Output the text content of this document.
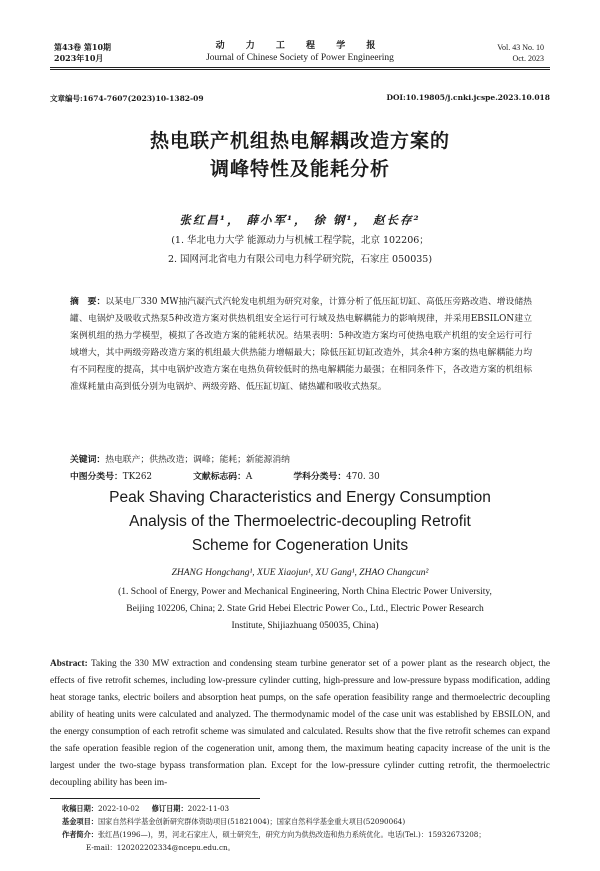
第43卷 第10期
2023年10月
动 力 工 程 学 报
Journal of Chinese Society of Power Engineering
Vol. 43 No. 10
Oct. 2023
文章编号:1674-7607(2023)10-1382-09	DOI:10.19805/j.cnki.jcspe.2023.10.018
热电联产机组热电解耦改造方案的
调峰特性及能耗分析
张红昌¹， 薛小军¹， 徐 钢¹， 赵长存²
(1. 华北电力大学 能源动力与机械工程学院，北京 102206；
2. 国网河北省电力有限公司电力科学研究院，石家庄 050035)
摘　要：以某电厂330 MW抽汽凝汽式汽轮发电机组为研究对象，计算分析了低压缸切缸、高低压旁路改造、增设储热罐、电锅炉及吸收式热泵5种改造方案对供热机组安全运行可行域及热电解耦能力的影响规律，并采用EBSILON建立案例机组的热力学模型，模拟了各改造方案的能耗状况。结果表明：5种改造方案均可使热电联产机组的安全运行可行域增大，其中两级旁路改造方案的机组最大供热能力增幅最大；除低压缸切缸改造外，其余4种方案的热电解耦能力均有不同程度的提高，其中电锅炉改造方案在电热负荷较低时的热电解耦能力最强；在相同条件下，各改造方案的机组标准煤耗量由高到低分别为电锅炉、两级旁路、低压缸切缸、储热罐和吸收式热泵。
关键词：热电联产；供热改造；调峰；能耗；新能源消纳
中图分类号：TK262	文献标志码：A	学科分类号：470. 30
Peak Shaving Characteristics and Energy Consumption
Analysis of the Thermoelectric-decoupling Retrofit
Scheme for Cogeneration Units
ZHANG Hongchang¹, XUE Xiaojun¹, XU Gang¹, ZHAO Changcun²
(1. School of Energy, Power and Mechanical Engineering, North China Electric Power University,
Beijing 102206, China; 2. State Grid Hebei Electric Power Co., Ltd., Electric Power Research
Institute, Shijiazhuang 050035, China)
Abstract: Taking the 330 MW extraction and condensing steam turbine generator set of a power plant as the research object, the effects of five retrofit schemes, including low-pressure cylinder cutting, high-pressure and low-pressure bypass modification, adding heat storage tanks, electric boilers and absorption heat pumps, on the safe operation feasibility range and thermoelectric decoupling ability of heating units were calculated and analyzed. The thermodynamic model of the case unit was established by EBSILON, and the energy consumption of each retrofit scheme was simulated and calculated. Results show that the five retrofit schemes can expand the safe operation feasible region of the cogeneration unit, among them, the maximum heating capacity increase of the unit is the largest under the two-stage bypass transformation plan. Except for the low-pressure cylinder cutting retrofit, the thermoelectric decoupling ability has been im-
收稿日期：2022-10-02 修订日期：2022-11-03
基金项目：国家自然科学基金创新研究群体资助项目(51821004)；国家自然科学基金重大项目(52090064)
作者简介：张红昌(1996—)，男，河北石家庄人，硕士研究生，研究方向为供热改造和热力系统优化。电话(Tel.)：15932673208；
E-mail：120202202334@ncepu.edu.cn。
